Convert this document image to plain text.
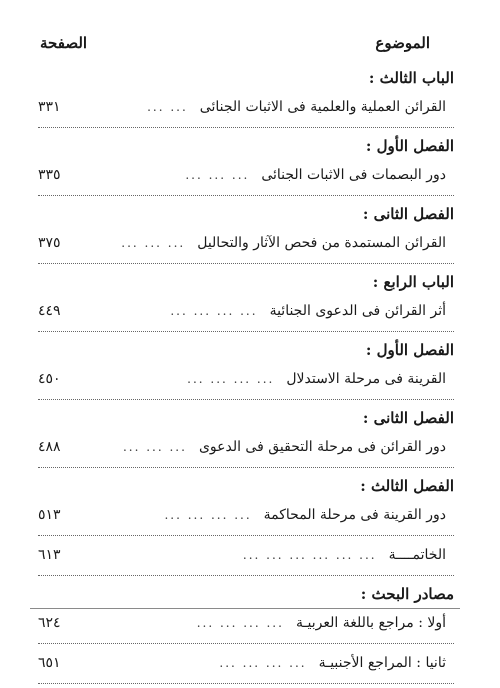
الموضوع
الصفحة
الباب الثالث :
القرائن العملية والعلمية فى الاثبات الجنائى
... ...
٣٣١
الفصل الأول :
دور البصمات فى الاثبات الجنائى
... ... ...
٣٣٥
الفصل الثانى :
القرائن المستمدة من فحص الآثار والتحاليل
... ... ...
٣٧٥
الباب الرابع :
أثر القرائن فى الدعوى الجنائية
... ... ... ...
٤٤٩
الفصل الأول :
القرينة فى مرحلة الاستدلال
... ... ... ...
٤٥٠
الفصل الثانى :
دور القرائن فى مرحلة التحقيق فى الدعوى
... ... ...
٤٨٨
الفصل الثالث :
دور القرينة فى مرحلة المحاكمة
... ... ... ...
٥١٣
الخاتمــــة
... ... ... ... ... ...
٦١٣
مصادر البحث :
أولا : مراجع باللغة العربيـة
... ... ... ...
٦٢٤
ثانيا : المراجع الأجنبيـة
... ... ... ...
٦٥١
